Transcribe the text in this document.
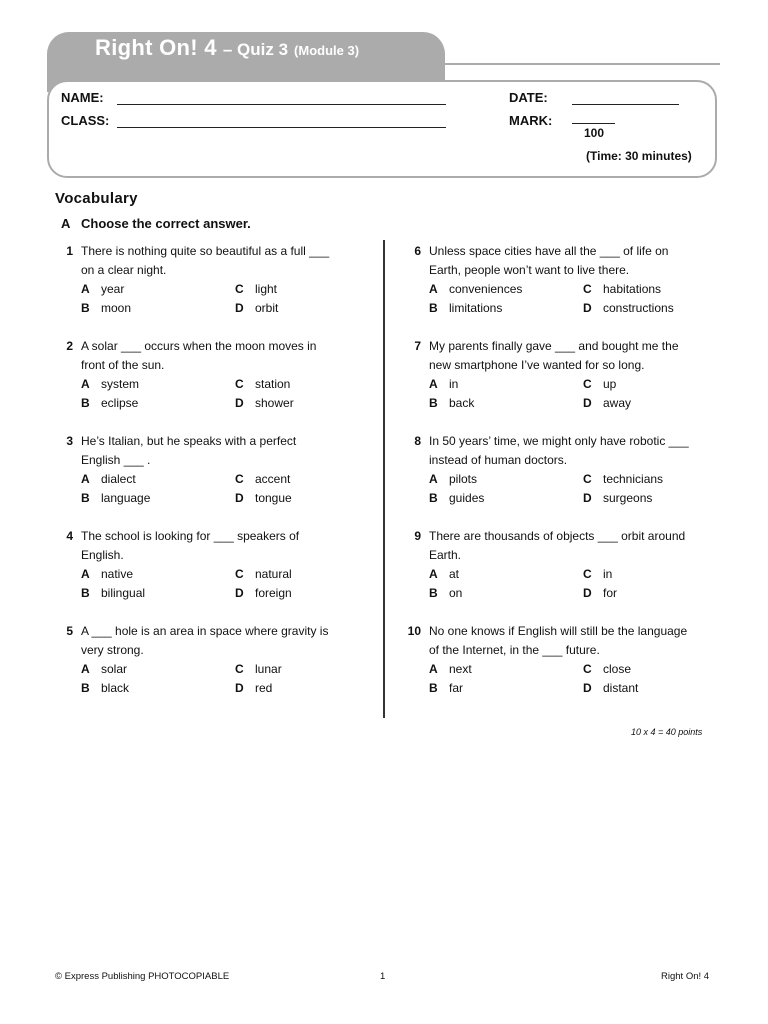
Right On! 4 – Quiz 3 (Module 3)
NAME:
CLASS:
DATE:
MARK:
100
(Time: 30 minutes)
Vocabulary
A Choose the correct answer.
1 There is nothing quite so beautiful as a full ___
on a clear night.
A year	C light
B moon	D orbit
2 A solar ___ occurs when the moon moves in
front of the sun.
A system	C station
B eclipse	D shower
3 He’s Italian, but he speaks with a perfect
English ___ .
A dialect	C accent
B language	D tongue
4 The school is looking for ___ speakers of
English.
A native	C natural
B bilingual	D foreign
5 A ___ hole is an area in space where gravity is
very strong.
A solar	C lunar
B black	D red
6 Unless space cities have all the ___ of life on
Earth, people won’t want to live there.
A conveniences	C habitations
B limitations	D constructions
7 My parents finally gave ___ and bought me the
new smartphone I’ve wanted for so long.
A in	C up
B back	D away
8 In 50 years’ time, we might only have robotic ___
instead of human doctors.
A pilots	C technicians
B guides	D surgeons
9 There are thousands of objects ___ orbit around
Earth.
A at	C in
B on	D for
10 No one knows if English will still be the language
of the Internet, in the ___ future.
A next	C close
B far	D distant
10 x 4 = 40 points
© Express Publishing PHOTOCOPIABLE	1	Right On! 4
